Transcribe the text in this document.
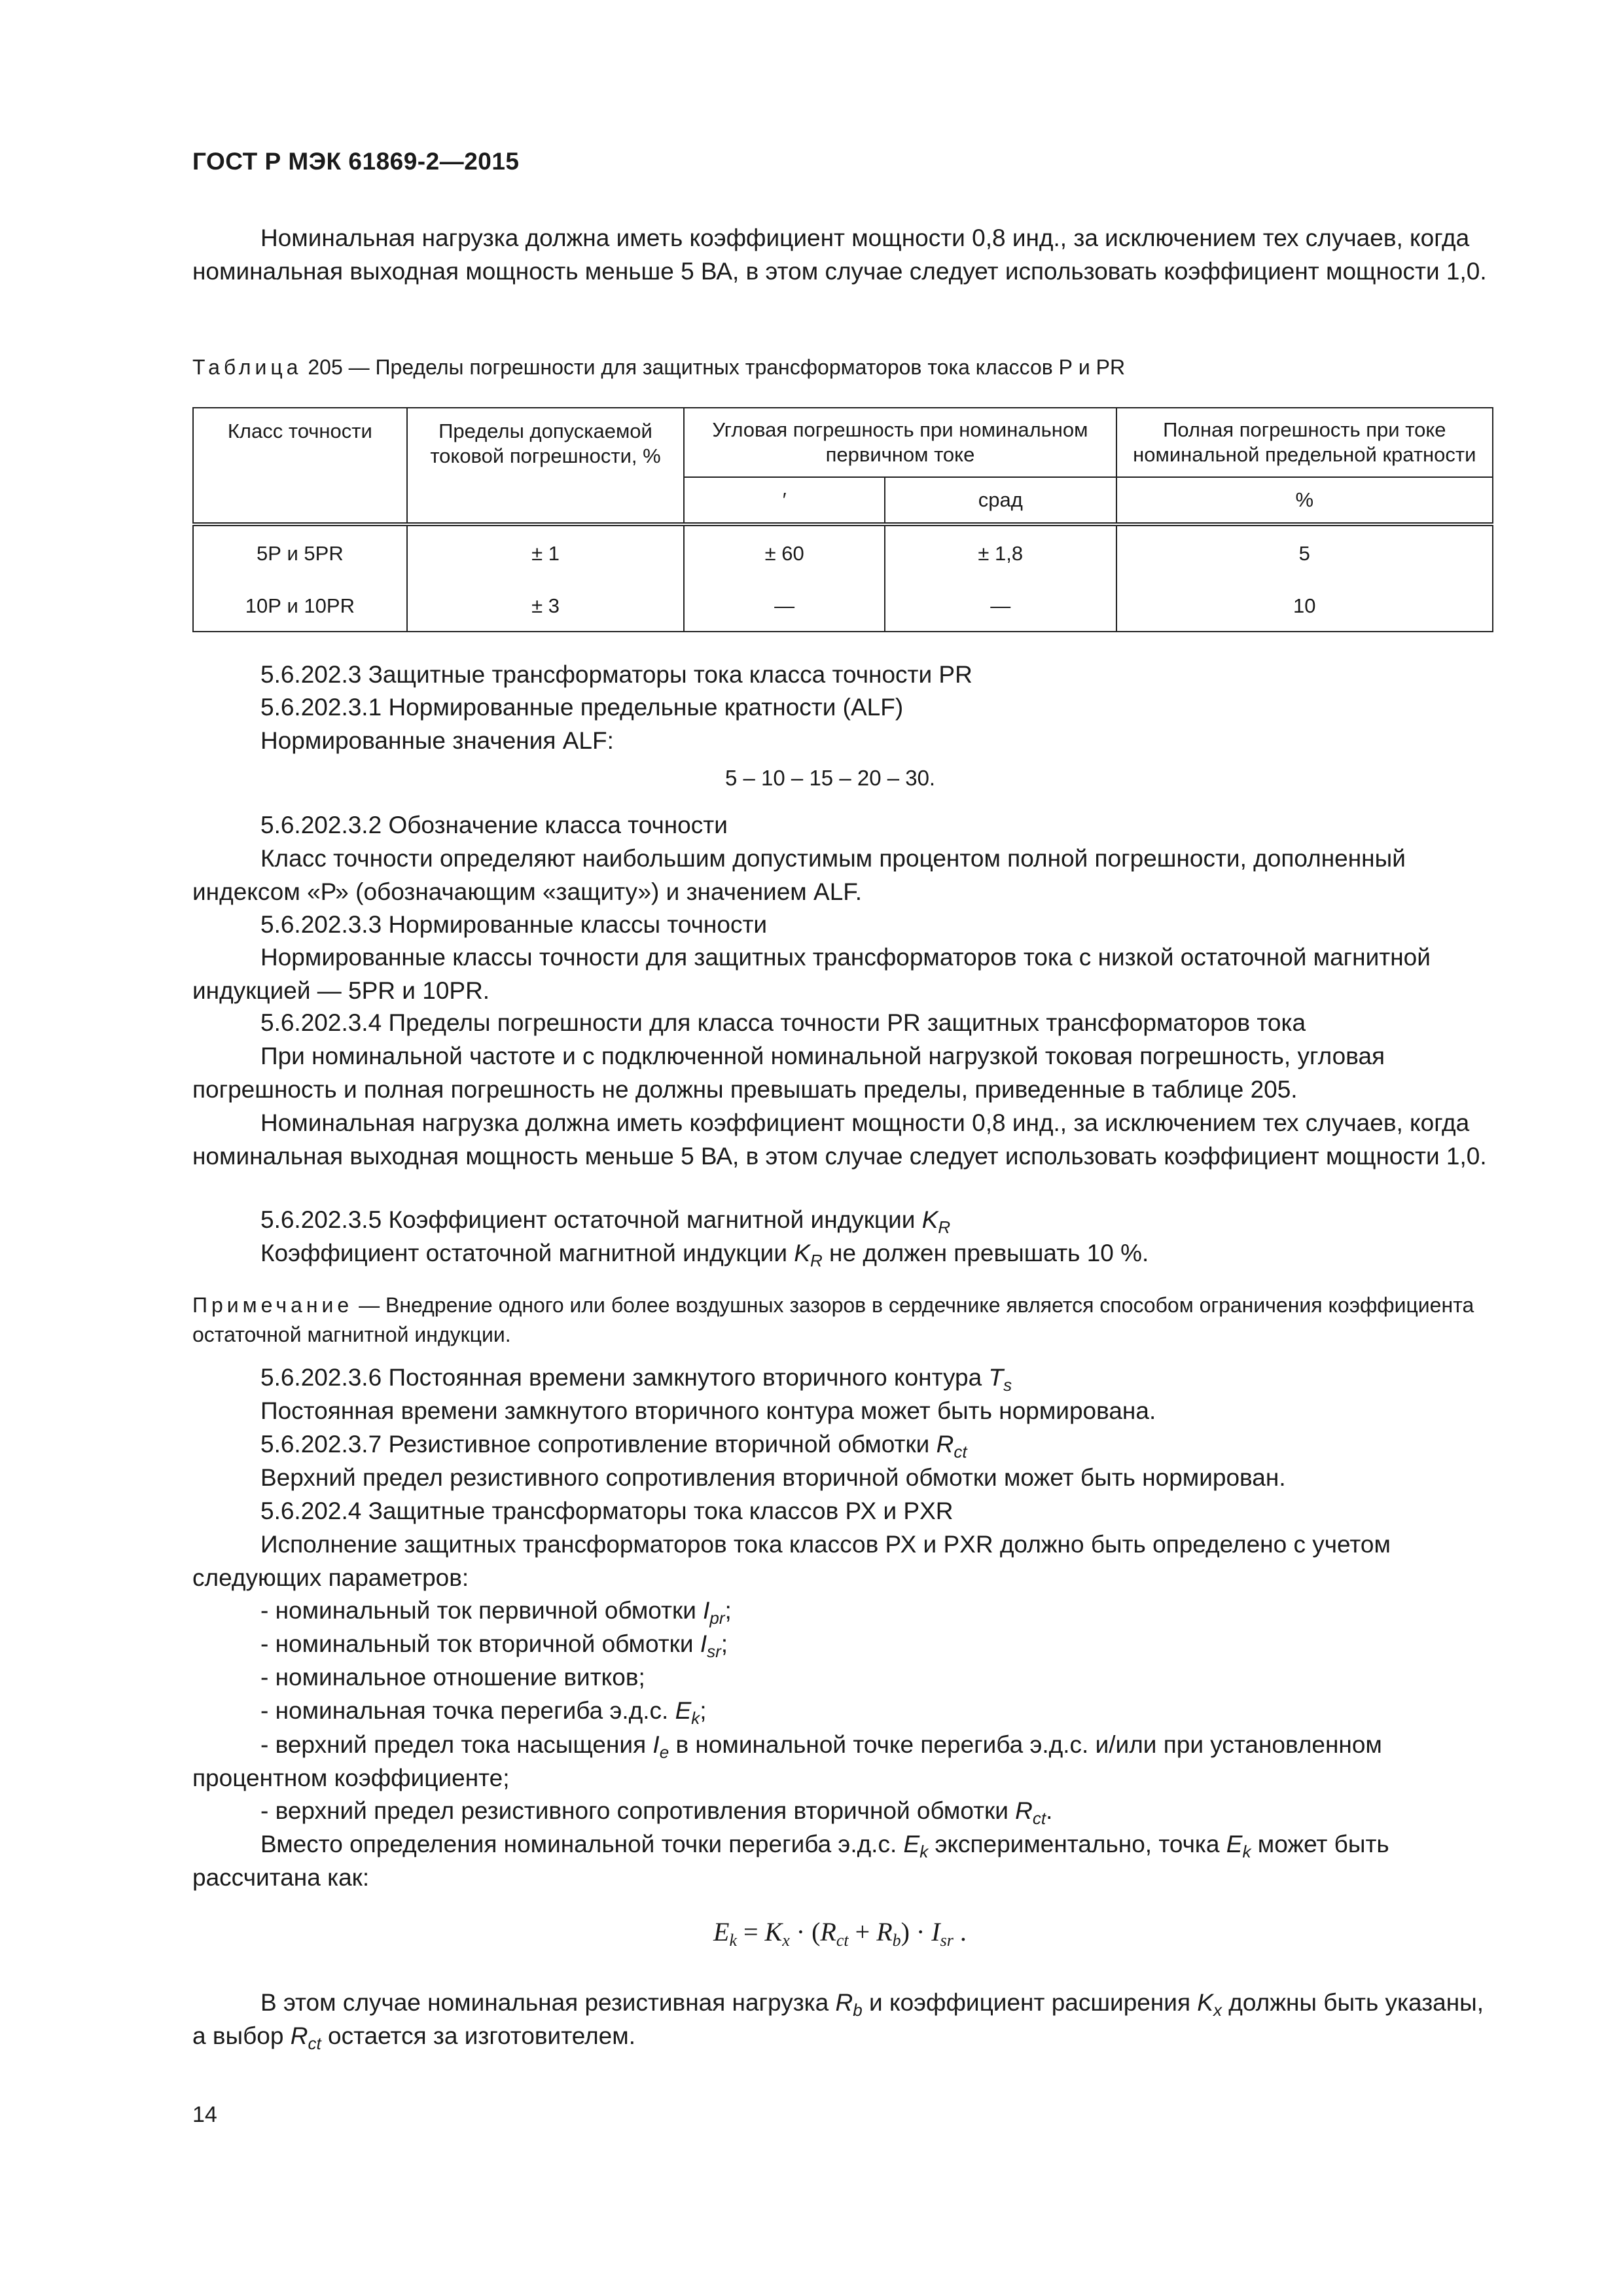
ГОСТ Р МЭК 61869-2—2015
Номинальная нагрузка должна иметь коэффициент мощности 0,8 инд., за исключением тех случаев, когда номинальная выходная мощность меньше 5 ВА, в этом случае следует использовать коэффициент мощности 1,0.
Таблица 205 — Пределы погрешности для защитных трансформаторов тока классов Р и PR
Класс точности	Пределы допускаемой токовой погрешности, %	Угловая погрешность при номинальном первичном токе		Полная погрешность при токе номинальной предельной кратности
		′	срад	%
5Р и 5PR	± 1	± 60	± 1,8	5
10Р и 10PR	± 3	—	—	10
5.6.202.3 Защитные трансформаторы тока класса точности PR
5.6.202.3.1 Нормированные предельные кратности (ALF)
Нормированные значения ALF:
5 – 10 – 15 – 20 – 30.
5.6.202.3.2 Обозначение класса точности
Класс точности определяют наибольшим допустимым процентом полной погрешности, дополненный индексом «Р» (обозначающим «защиту») и значением ALF.
5.6.202.3.3 Нормированные классы точности
Нормированные классы точности для защитных трансформаторов тока с низкой остаточной магнитной индукцией — 5PR и 10PR.
5.6.202.3.4 Пределы погрешности для класса точности PR защитных трансформаторов тока
При номинальной частоте и с подключенной номинальной нагрузкой токовая погрешность, угловая погрешность и полная погрешность не должны превышать пределы, приведенные в таблице 205.
Номинальная нагрузка должна иметь коэффициент мощности 0,8 инд., за исключением тех случаев, когда номинальная выходная мощность меньше 5 ВА, в этом случае следует использовать коэффициент мощности 1,0.
5.6.202.3.5 Коэффициент остаточной магнитной индукции $K_R$
Коэффициент остаточной магнитной индукции $K_R$ не должен превышать 10 %.
Примечание — Внедрение одного или более воздушных зазоров в сердечнике является способом ограничения коэффициента остаточной магнитной индукции.
5.6.202.3.6 Постоянная времени замкнутого вторичного контура $T_s$
Постоянная времени замкнутого вторичного контура может быть нормирована.
5.6.202.3.7 Резистивное сопротивление вторичной обмотки $R_{ct}$
Верхний предел резистивного сопротивления вторичной обмотки может быть нормирован.
5.6.202.4 Защитные трансформаторы тока классов РХ и PXR
Исполнение защитных трансформаторов тока классов РХ и PXR должно быть определено с учетом следующих параметров:
- номинальный ток первичной обмотки $I_{pr}$;
- номинальный ток вторичной обмотки $I_{sr}$;
- номинальное отношение витков;
- номинальная точка перегиба э.д.с. $E_k$;
- верхний предел тока насыщения $I_e$ в номинальной точке перегиба э.д.с. и/или при установленном процентном коэффициенте;
- верхний предел резистивного сопротивления вторичной обмотки $R_{ct}$.
Вместо определения номинальной точки перегиба э.д.с. $E_k$ экспериментально, точка $E_k$ может быть рассчитана как:
$E_k = K_x \cdot (R_{ct} + R_b) \cdot I_{sr}$ .
В этом случае номинальная резистивная нагрузка $R_b$ и коэффициент расширения $K_x$ должны быть указаны, а выбор $R_{ct}$ остается за изготовителем.
14
